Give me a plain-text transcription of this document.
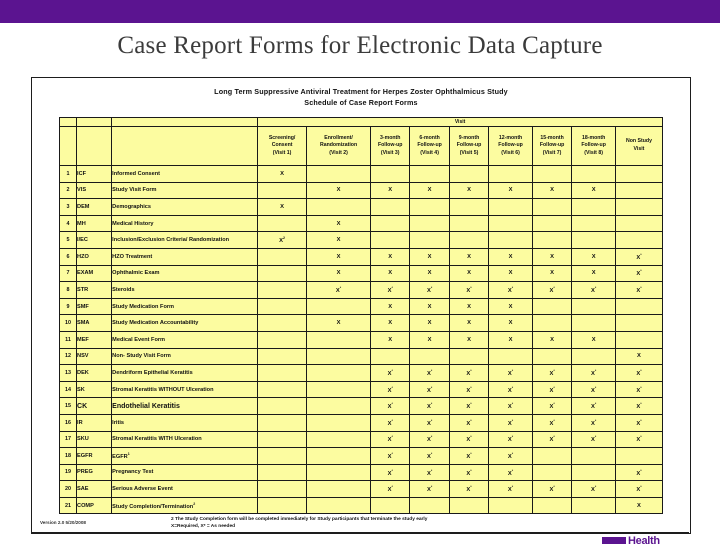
Case Report Forms for Electronic Data Capture
Long Term Suppressive Antiviral Treatment for Herpes Zoster Ophthalmicus Study
Schedule of Case Report Forms
			Visit								

Screening/
Consent
(Visit 1)

Enrollment/
Randomization
(Visit 2)

3-month
Follow-up
(Visit 3)

6-month
Follow-up
(Visit 4)

9-month
Follow-up
(Visit 5)

12-month
Follow-up
(Visit 6)

15-month
Follow-up
(Visit 7)

18-month
Follow-up
(Visit 8)

Non Study
Visit

1	ICF	Informed Consent	X								
2	VIS	Study Visit Form		X	X	X	X	X	X	X	
3	DEM	Demographics	X								
4	MH	Medical History		X							
5	I/EC	Inclusion/Exclusion Criteria/ Randomization	$X^2$	X							
6	HZO	HZO Treatment		X	X	X	X	X	X	X	X*
7	EXAM	Ophthalmic Exam		X	X	X	X	X	X	X	X*
8	STR	Steroids		X*	X*	X*	X*	X*	X*	X*	X*
9	SMF	Study Medication Form			X	X	X	X			
10	SMA	Study Medication Accountability		X	X	X	X	X			
11	MEF	Medical Event Form			X	X	X	X	X	X	
12	NSV	Non- Study Visit Form									X
13	DEK	Dendriform Epithelial Keratitis			X*	X*	X*	X*	X*	X*	X*
14	SK	Stromal Keratitis WITHOUT Ulceration			X*	X*	X*	X*	X*	X*	X*
15	CK	Endothelial Keratitis			X*	X*	X*	X*	X*	X*	X*
16	IR	Iritis			X*	X*	X*	X*	X*	X*	X*
17	SKU	Stromal Keratitis WITH Ulceration			X*	X*	X*	X*	X*	X*	X*
18	EGFR	EGFR$^1$			X*	X*	X*	X*			
19	PREG	Pregnancy Test			X*	X*	X*	X*			X*
20	SAE	Serious Adverse Event			X*	X*	X*	X*	X*	X*	X*
21	COMP	Study Completion/Termination$^2$									X
2 The Study Completion form will be completed immediately for Study participants that terminate the study early
X=Required, X* = As needed
Version 2.0 5/20/2008
Health
